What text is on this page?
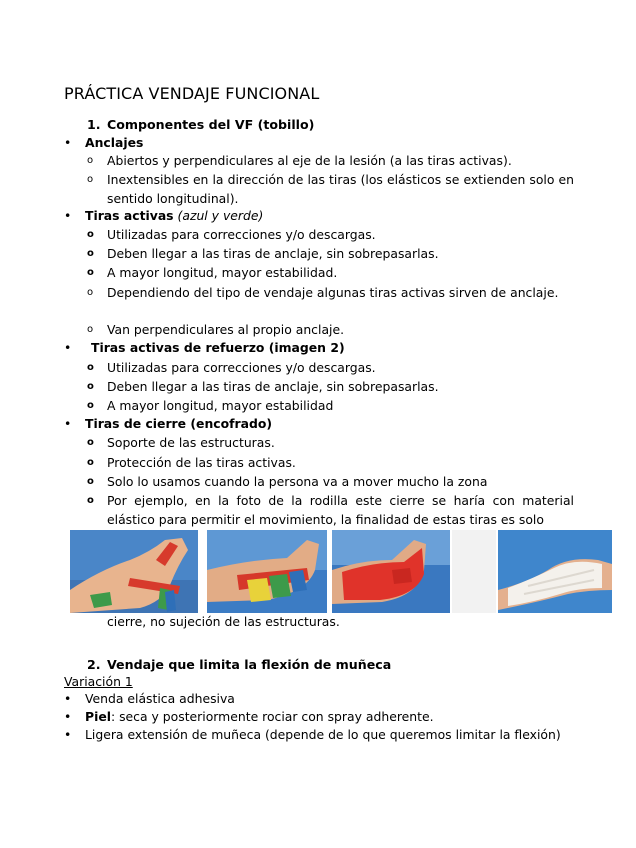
PRÁCTICA VENDAJE FUNCIONAL
1. Componentes del VF (tobillo)
• Anclajes
o Abiertos y perpendiculares al eje de la lesión (a las tiras activas).
o Inextensibles en la dirección de las tiras (los elásticos se extienden solo en sentido longitudinal).
• Tiras activas (azul y verde)
o Utilizadas para correcciones y/o descargas.
o Deben llegar a las tiras de anclaje, sin sobrepasarlas.
o A mayor longitud, mayor estabilidad.
o Dependiendo del tipo de vendaje algunas tiras activas sirven de anclaje.
o Van perpendiculares al propio anclaje.
• Tiras activas de refuerzo (imagen 2)
o Utilizadas para correcciones y/o descargas.
o Deben llegar a las tiras de anclaje, sin sobrepasarlas.
o A mayor longitud, mayor estabilidad
• Tiras de cierre (encofrado)
o Soporte de las estructuras.
o Protección de las tiras activas.
o Solo lo usamos cuando la persona va a mover mucho la zona
o Por ejemplo, en la foto de la rodilla este cierre se haría con material elástico para permitir el movimiento, la finalidad de estas tiras es solo
cierre, no sujeción de las estructuras.
2. Vendaje que limita la flexión de muñeca
Variación 1
• Venda elástica adhesiva
• Piel: seca y posteriormente rociar con spray adherente.
• Ligera extensión de muñeca (depende de lo que queremos limitar la flexión)
